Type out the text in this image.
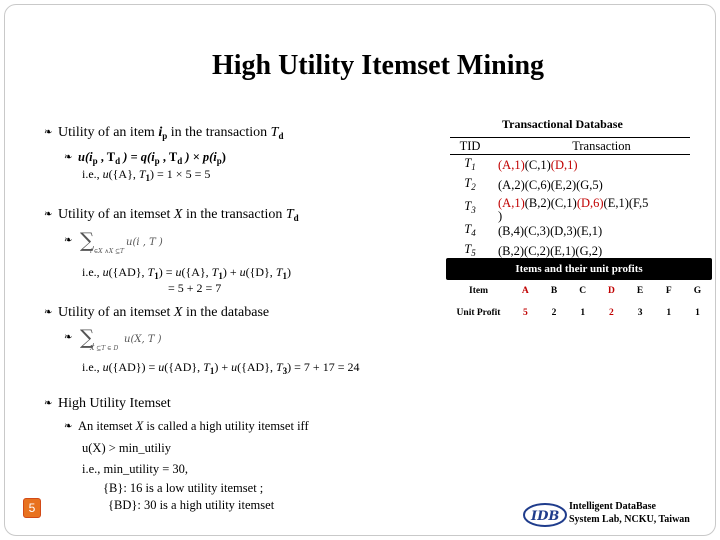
High Utility Itemset Mining
❧ Utility of an item $i_p$ in the transaction $T_d$
❧ $u(i_p$ , $T_d$ ) = $q(i_p$ , $T_d$ ) × $p(i_p)$
i.e., u({A}, $T_1) = 1 \times 5 = 5$
❧ Utility of an itemset X in the transaction $T_d$
❧ ∑
i ∈X ∧X ⊆T
u(i , T )
i.e., u({AD}, $T_1) = u(\{A\}$, $T_1) + u(\{D\}$, $T_1$)
= 5 + 2 = 7
❧ Utility of an itemset X in the database
❧ ∑
X ⊆T ∈ D
u(X, T )
i.e., u({AD}) = u({AD}, $T_1) + u(\{AD\}$, $T_3) = 7 + 17 = 24$
❧ High Utility Itemset
❧ An itemset X is called a high utility itemset iff
u(X) > min_utiliy
i.e., min_utility = 30,
{B}: 16 is a low utility itemset ;
{BD}: 30 is a high utility itemset
Transactional Database
TID	Transaction
$T_1$	(A,1)(C,1)(D,1)
$T_2$	(A,2)(C,6)(E,2)(G,5)
$T_3$	(A,1)(B,2)(C,1)(D,6)(E,1)(F,5
)

$T_4$	(B,4)(C,3)(D,3)(E,1)
$T_5$	(B,2)(C,2)(E,1)(G,2)
Items and their unit profits
Item	A	B	C	D	E	F	G
Unit Profit	5	2	1	2	3	1	1
5
IDB
Intelligent DataBase
System Lab, NCKU, Taiwan
